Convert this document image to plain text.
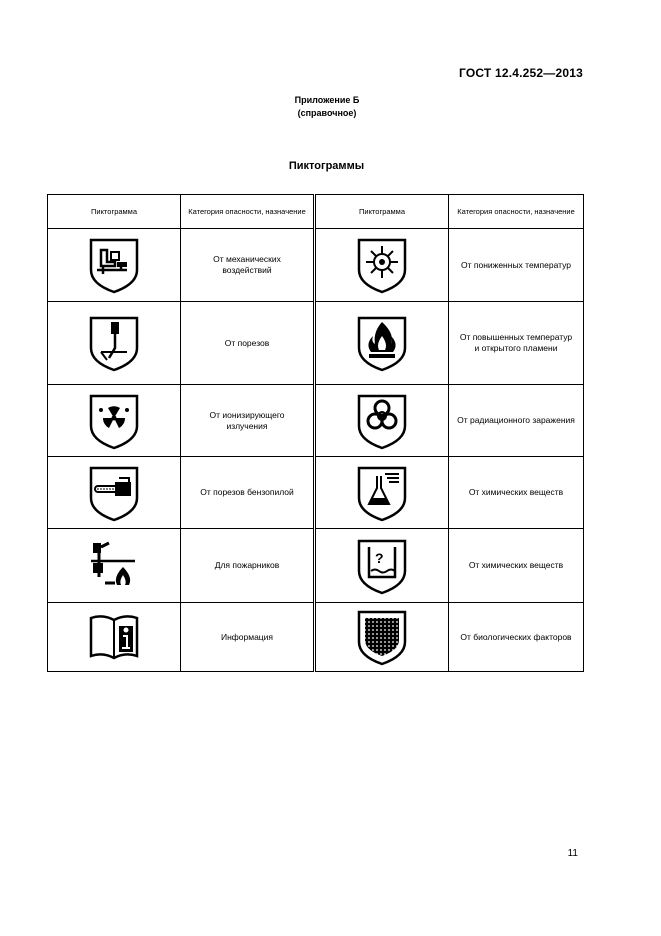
ГОСТ 12.4.252—2013
Приложение Б
(справочное)
Пиктограммы
Пиктограмма	Категория опасности, назначение	Пиктограмма	Категория опасности, назначение

	От механических воздействий		От пониженных температур

	От порезов		От повышенных температур и открытого пламени

	От ионизирующего излучения		От радиационного заражения

	От порезов бензопилой		От химических веществ

	Для пожарников	?	От химических веществ

	Информация		От биологических факторов
11
